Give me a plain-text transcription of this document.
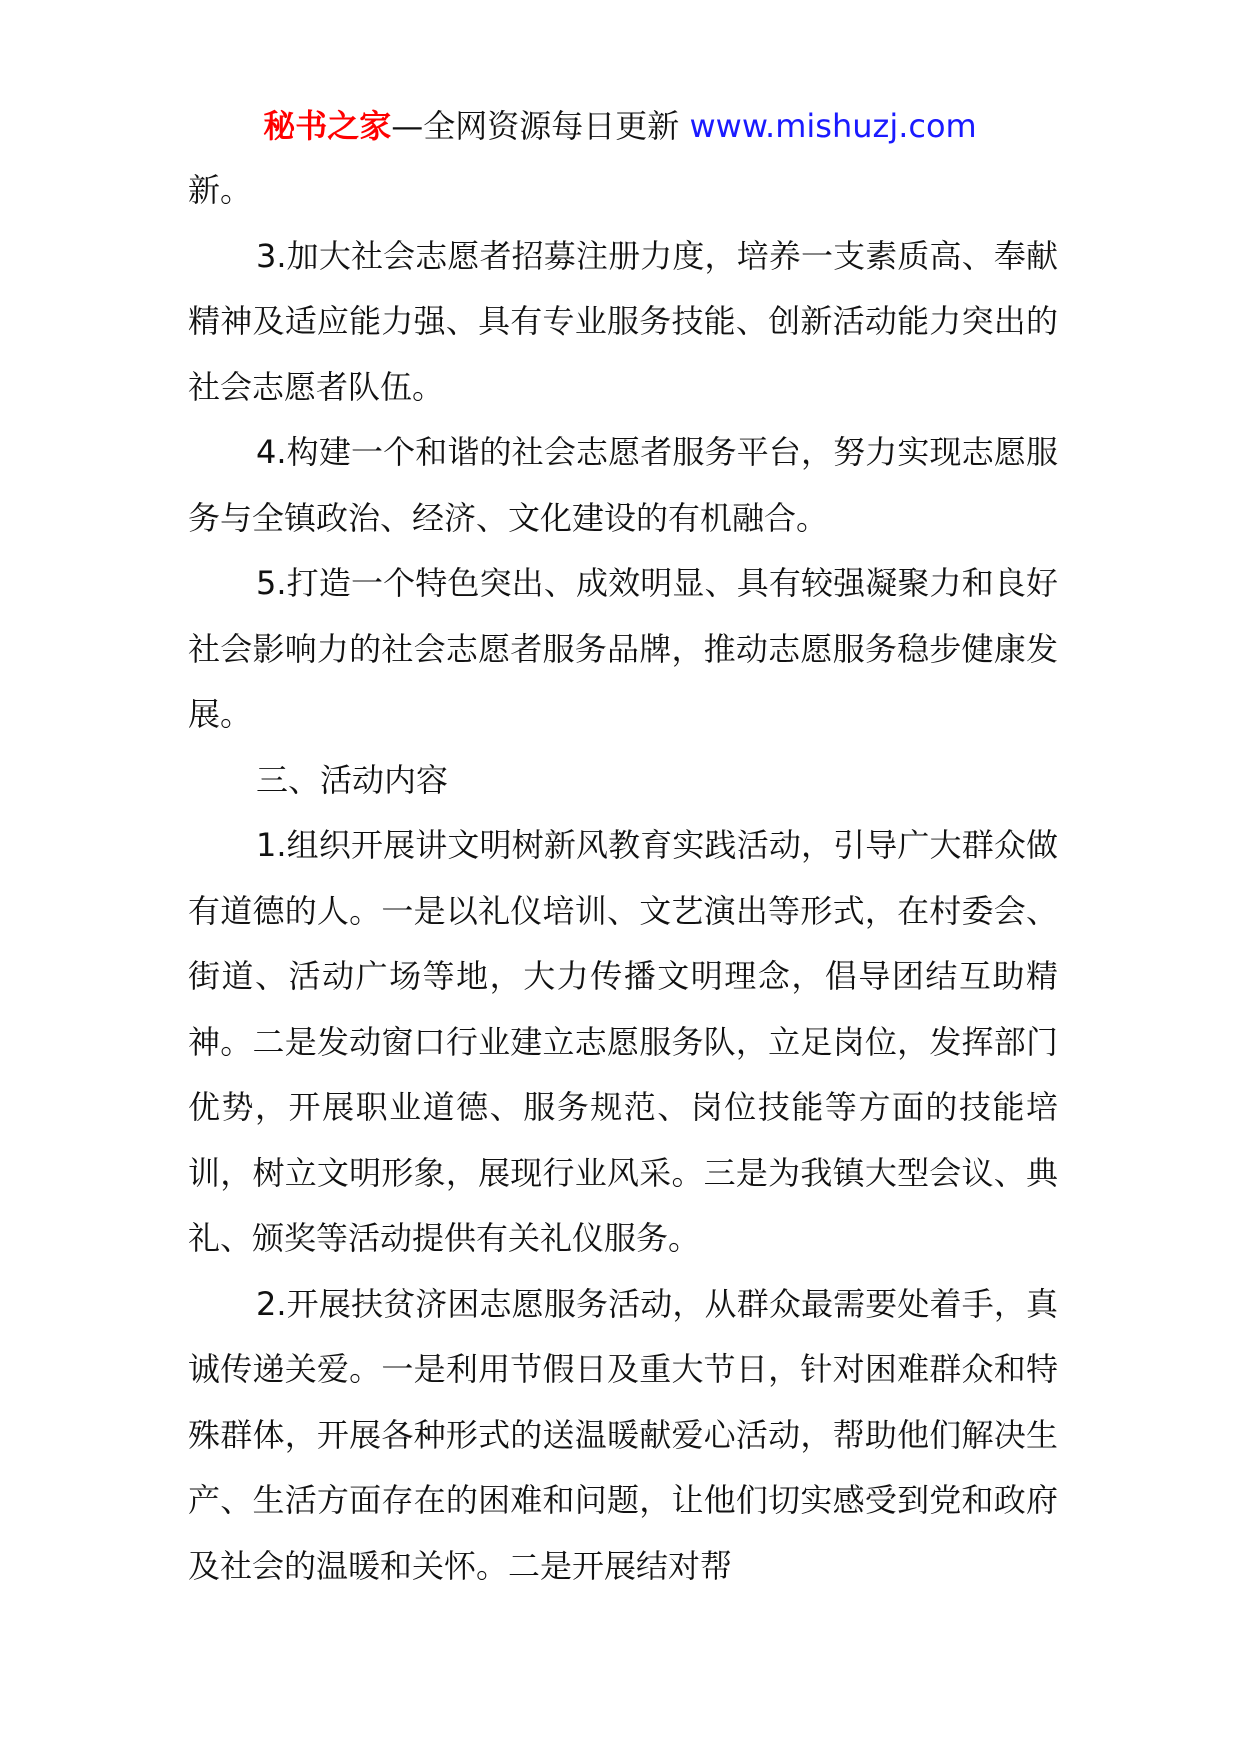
秘书之家—全网资源每日更新 www.mishuzj.com

新。

3.加大社会志愿者招募注册力度，培养一支素质高、奉献精神及适应能力强、具有专业服务技能、创新活动能力突出的社会志愿者队伍。

4.构建一个和谐的社会志愿者服务平台，努力实现志愿服务与全镇政治、经济、文化建设的有机融合。

5.打造一个特色突出、成效明显、具有较强凝聚力和良好社会影响力的社会志愿者服务品牌，推动志愿服务稳步健康发展。

三、活动内容

1.组织开展讲文明树新风教育实践活动，引导广大群众做有道德的人。一是以礼仪培训、文艺演出等形式，在村委会、街道、活动广场等地，大力传播文明理念，倡导团结互助精神。二是发动窗口行业建立志愿服务队，立足岗位，发挥部门优势，开展职业道德、服务规范、岗位技能等方面的技能培训，树立文明形象，展现行业风采。三是为我镇大型会议、典礼、颁奖等活动提供有关礼仪服务。

2.开展扶贫济困志愿服务活动，从群众最需要处着手，真诚传递关爱。一是利用节假日及重大节日，针对困难群众和特殊群体，开展各种形式的送温暖献爱心活动，帮助他们解决生产、生活方面存在的困难和问题，让他们切实感受到党和政府及社会的温暖和关怀。二是开展结对帮
